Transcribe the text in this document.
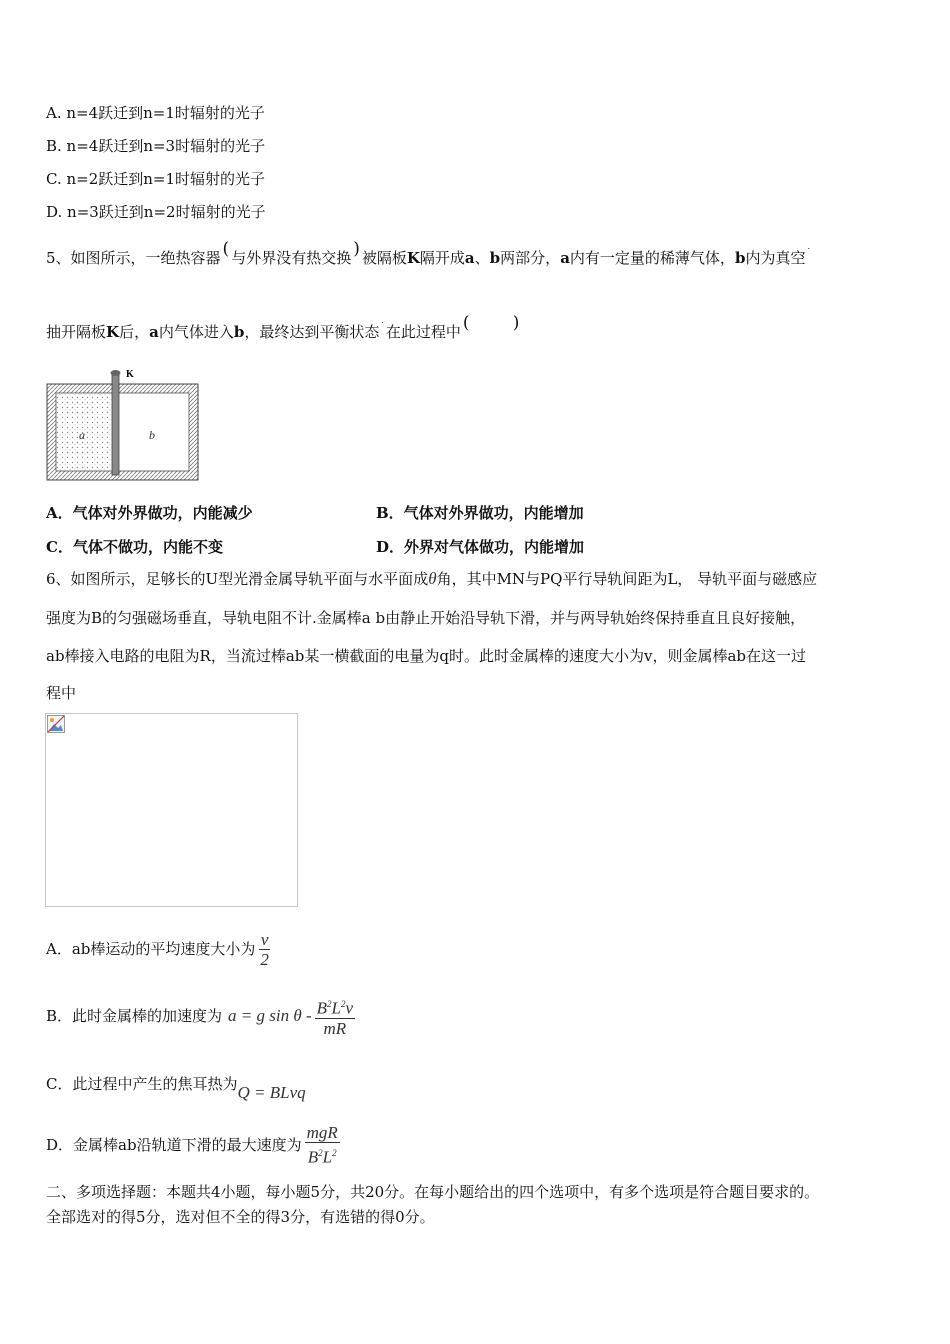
A. n=4跃迁到n=1时辐射的光子
B. n=4跃迁到n=3时辐射的光子
C. n=2跃迁到n=1时辐射的光子
D. n=3跃迁到n=2时辐射的光子
5、如图所示，一绝热容器 ( 与外界没有热交换 ) 被隔板K隔开成a、b两部分，a内有一定量的稀薄气体，b内为真空˙
抽开隔板K后，a内气体进入b，最终达到平衡状态˙在此过程中 (        )
K
a	b
A．气体对外界做功，内能减少	B．气体对外界做功，内能增加
C．气体不做功，内能不变	D．外界对气体做功，内能增加
6、如图所示，足够长的U型光滑金属导轨平面与水平面成θ角，其中MN与PQ平行导轨间距为L， 导轨平面与磁感应
强度为B的匀强磁场垂直，导轨电阻不计.金属棒a b由静止开始沿导轨下滑，并与两导轨始终保持垂直且良好接触，
ab棒接入电路的电阻为R，当流过棒ab某一横截面的电量为q时。此时金属棒的速度大小为v，则金属棒ab在这一过
程中
A．ab棒运动的平均速度大小为 $\frac{v}{2}$
B．此时金属棒的加速度为 a = g sin θ - $\frac{B^2L^2v}{mR}$
C．此过程中产生的焦耳热为Q = BLvq
D．金属棒ab沿轨道下滑的最大速度为 $\frac{\text{mgR}}{B^2L^2}$
二、多项选择题：本题共4小题，每小题5分，共20分。在每小题给出的四个选项中，有多个选项是符合题目要求的。
全部选对的得5分，选对但不全的得3分，有选错的得0分。
